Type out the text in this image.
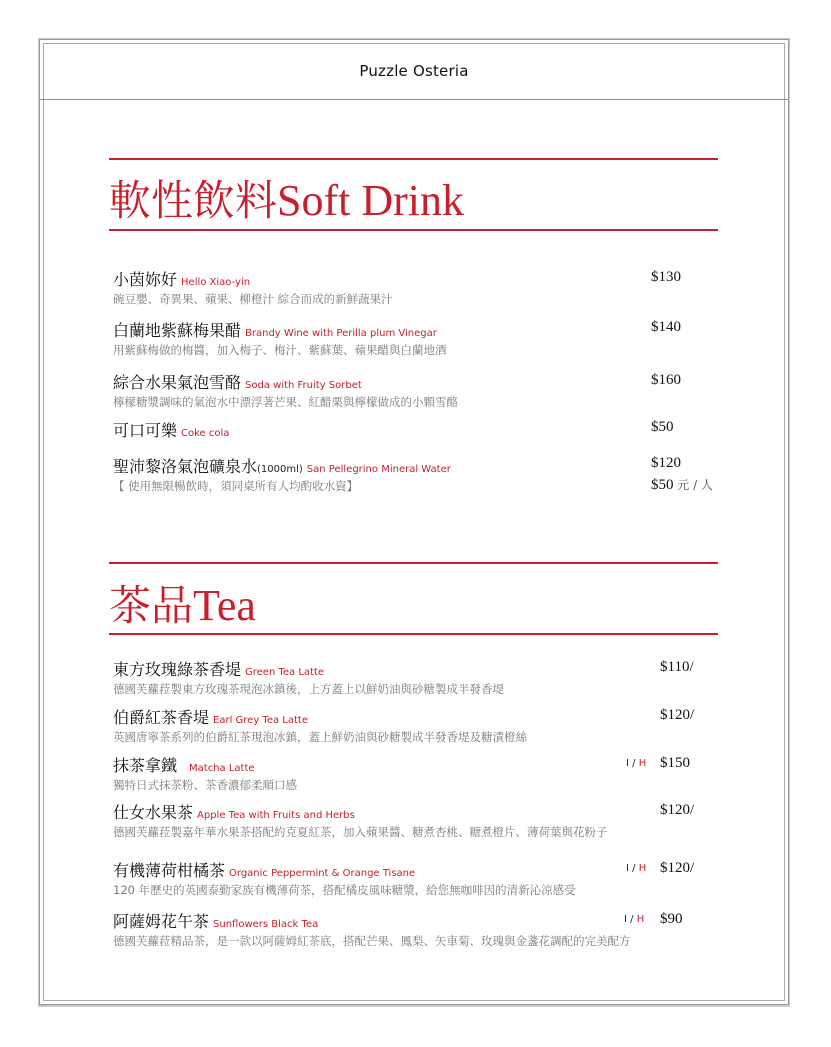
Puzzle Osteria
軟性飲料Soft Drink
小茵妳好 Hello Xiao-yin
碗豆嬰、奇異果、蘋果、柳橙汁 綜合而成的新鮮蔬果汁
$130
白蘭地紫蘇梅果醋 Brandy Wine with Perilla plum Vinegar
用紫蘇梅做的梅醬，加入梅子、梅汁、紫蘇葉、蘋果醋與白蘭地酒
$140
綜合水果氣泡雪酪 Soda with Fruity Sorbet
檸檬糖漿調味的氣泡水中漂浮著芒果、紅醋栗與檸檬做成的小顆雪酪
$160
可口可樂 Coke cola	$50
聖沛黎洛氣泡礦泉水(1000ml) San Pellegrino Mineral Water
【 使用無限暢飲時，須同桌所有人均酌收水資】
$120
$50 元 / 人
茶品Tea
東方玫瑰綠茶香堤 Green Tea Latte
德國芙蘿菈製東方玫瑰茶現泡冰鎮後，上方蓋上以鮮奶油與砂糖製成半發香堤
$110/
伯爵紅茶香堤 Earl Grey Tea Latte
英國唐寧茶系列的伯爵紅茶現泡冰鎮，蓋上鮮奶油與砂糖製成半發香堤及糖漬橙絲
$120/
抹茶拿鐵 Matcha Latte
獨特日式抹茶粉、茶香濃郁柔順口感
I / H $150
仕女水果茶 Apple Tea with Fruits and Herbs
德國芙蘿菈製嘉年華水果茶搭配約克夏紅茶，加入蘋果醬、糖煮杏桃、糖煮橙片、薄荷葉與花粉子
$120/
有機薄荷柑橘茶 Organic Peppermint & Orange Tisane
120 年歷史的英國泰勤家族有機薄荷茶，搭配橘皮風味糖漿，給您無咖啡因的清新沁涼感受
I / H $120/
阿薩姆花午茶 Sunflowers Black Tea
德國芙蘿菈精品茶，是一款以阿薩姆紅茶底，搭配芒果、鳳梨、矢車菊、玫瑰與金盞花調配的完美配方
I / H $90
